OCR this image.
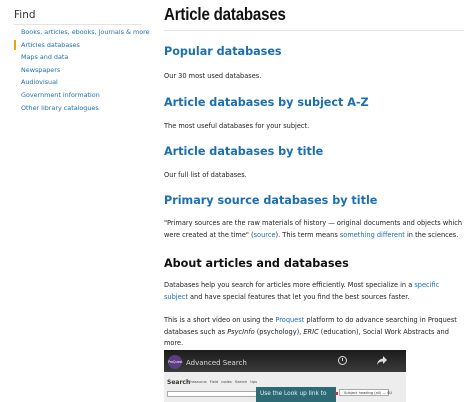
Find
Books, articles, ebooks, journals & more
Articles databases
Maps and data
Newspapers
Audiovisual
Government information
Other library catalogues
Article databases
Popular databases

Our 30 most used databases.

Article databases by subject A-Z

The most useful databases for your subject.

Article databases by title

Our full list of databases.

Primary source databases by title

"Primary sources are the raw materials of history — original documents and objects which were created at the time" (source). This term means something different in the sciences.

About articles and databases

Databases help you search for articles more efficiently. Most specialize in a specific subject and have special features that let you find the best sources faster.

This is a short video on using the Proquest platform to do advance searching in Proquest databases such as PsycInfo (psychology), ERIC (education), Social Work Abstracts and more.

ProQuest Advanced Search
Search
Thesaurus Field codes Search tips
Use the Look up link to	Subject heading (all) — SU
